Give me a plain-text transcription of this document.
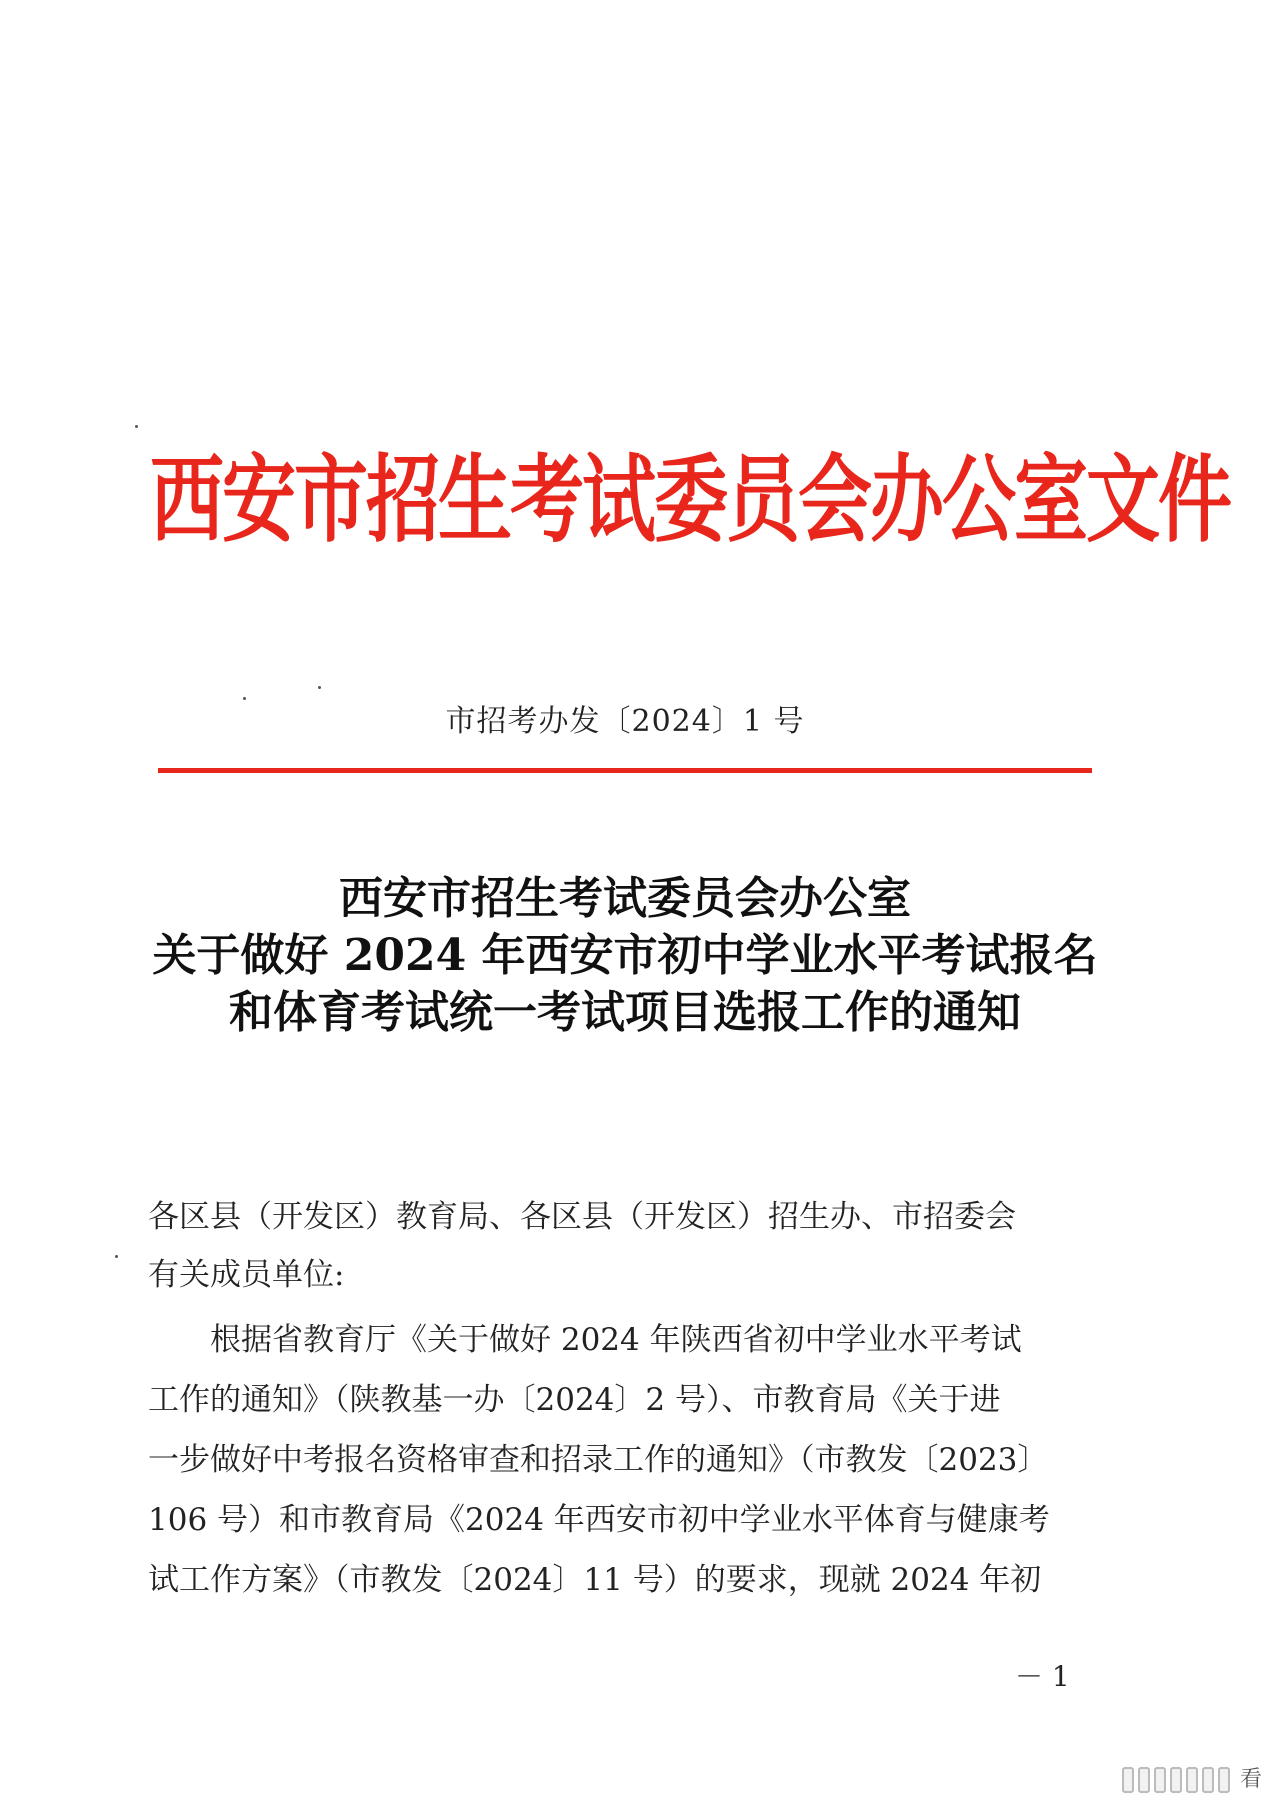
西安市招生考试委员会办公室文件
市招考办发〔2024〕1 号
西安市招生考试委员会办公室
关于做好 2024 年西安市初中学业水平考试报名
和体育考试统一考试项目选报工作的通知
各区县（开发区）教育局、各区县（开发区）招生办、市招委会
有关成员单位:
　　根据省教育厅《关于做好 2024 年陕西省初中学业水平考试
工作的通知》（陕教基一办〔2024〕2 号）、市教育局《关于进
一步做好中考报名资格审查和招录工作的通知》（市教发〔2023〕
106 号）和市教育局《2024 年西安市初中学业水平体育与健康考
试工作方案》（市教发〔2024〕11 号）的要求，现就 2024 年初
－ 1
看
